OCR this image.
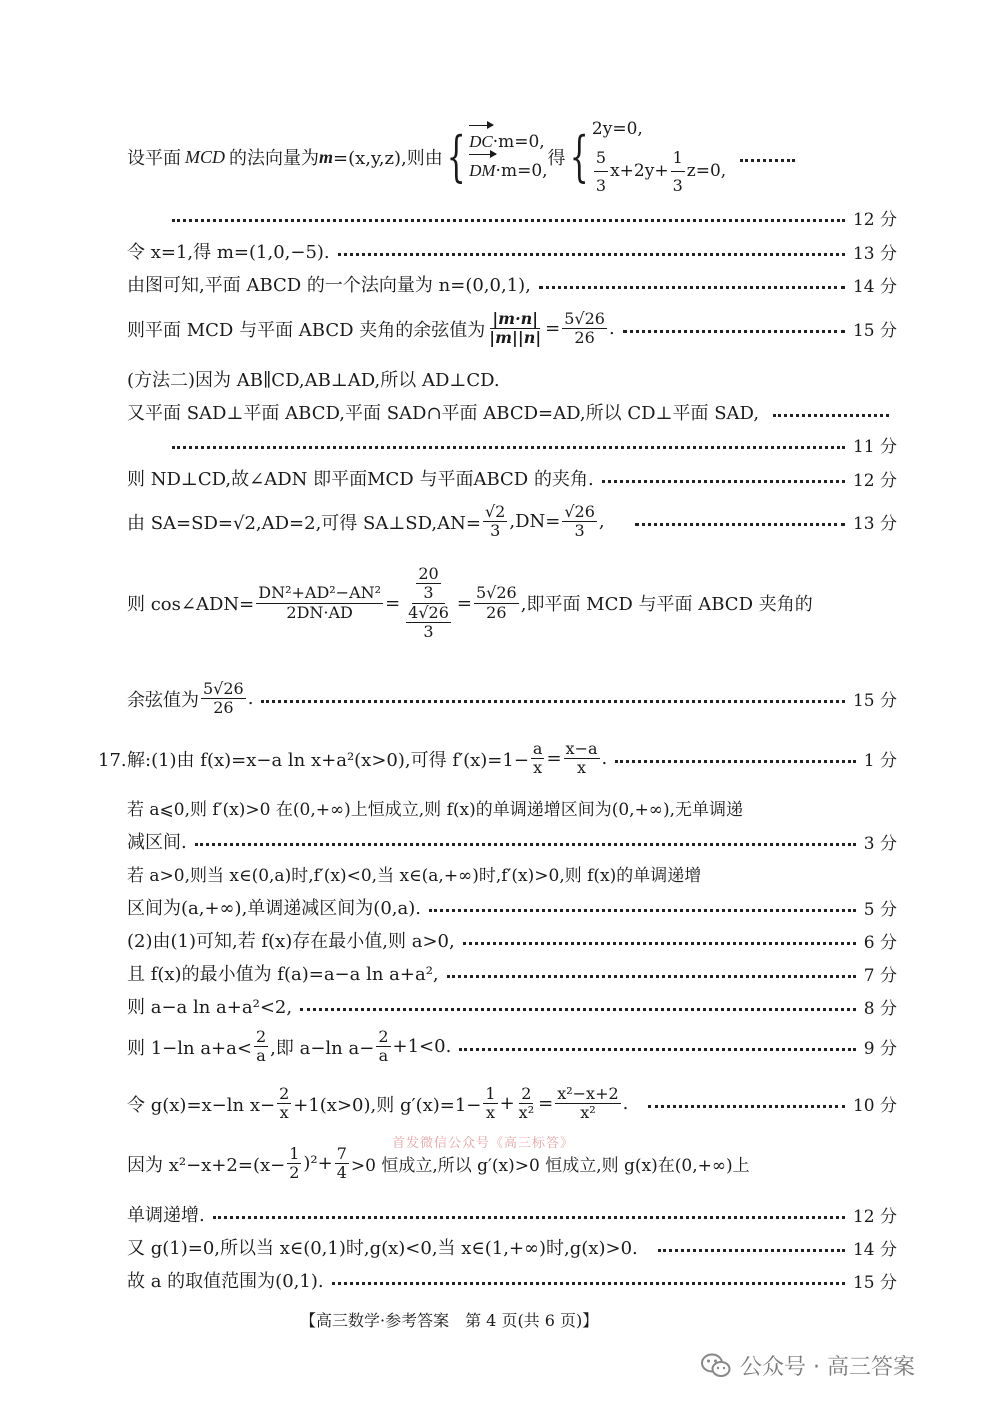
设平面 MCD 的法向量为 m =(x,y,z),则由 { DC·m=0,
DM·m=0,
得 { 2y=0,
$\frac{5}{3} x+2y+ \frac{1}{3} z=0$,
12 分
令 x=1,得 m=(1,0,−5).	13 分
由图可知,平面 ABCD 的一个法向量为 n=(0,0,1),	14 分
则平面 MCD 与平面 ABCD 夹角的余弦值为 $\frac{|m\cdot n|}{|m||n|} = \frac{5√26}{26}$ .	15 分
(方法二)因为 AB∥CD,AB⊥AD,所以 AD⊥CD.
又平面 SAD⊥平面 ABCD,平面 SAD∩平面 ABCD=AD,所以 CD⊥平面 SAD,
11 分
则 ND⊥CD,故∠ADN 即平面MCD 与平面ABCD 的夹角.	12 分
由 SA=SD=√2,AD=2,可得 SA⊥SD,AN= $\frac{√2}{3} ,DN= \frac{√26}{3}$ ,	13 分
则 cos∠ADN= $\frac{\text{DN²+AD²−AN²}}{2DN\cdot AD} = \frac{\frac{20}{3}}{\frac{4√26}{3}} = \frac{5√26}{26}$ ,即平面 MCD 与平面 ABCD 夹角的
余弦值为 $\frac{5√26}{26}$ .	15 分
17. 解:(1)由 f(x)=x−a ln x+a²(x>0),可得 $f'(x)=1- \frac{a}{x} = \frac{x-a}{x}$ .	1 分
若 a⩽0,则 f′(x)>0 在(0,+∞)上恒成立,则 f(x)的单调递增区间为(0,+∞),无单调递
减区间.	3 分
若 a>0,则当 x∈(0,a)时,f′(x)<0,当 x∈(a,+∞)时,f′(x)>0,则 f(x)的单调递增
区间为(a,+∞),单调递减区间为(0,a).	5 分
(2)由(1)可知,若 f(x)存在最小值,则 a>0,	6 分
且 f(x)的最小值为 f(a)=a−a ln a+a²,	7 分
则 a−a ln a+a²<2,	8 分
则 1−ln $a+a< \frac{2}{a}$ ,即 a−ln $a- \frac{2}{a} +1<0$.	9 分
令 g(x)=x−ln $x- \frac{2}{x} +1(x>0)$,则 $g'(x)=1- \frac{1}{x} + \frac{2}{\text{x²}} = \frac{\text{x²−x+2}}{\text{x²}}$ .	10 分
首发微信公众号《高三标答》
因为 $x^2-x+2=(x- \frac{1}{2} )^2+ \frac{7}{4} >0$ 恒成立,所以 g′(x)>0 恒成立,则 g(x)在(0,+∞)上
单调递增.	12 分
又 g(1)=0,所以当 x∈(0,1)时,g(x)<0,当 x∈(1,+∞)时,g(x)>0.	14 分
故 a 的取值范围为(0,1).	15 分
【高三数学·参考答案　第 4 页(共 6 页)】
公众号 · 高三答案
